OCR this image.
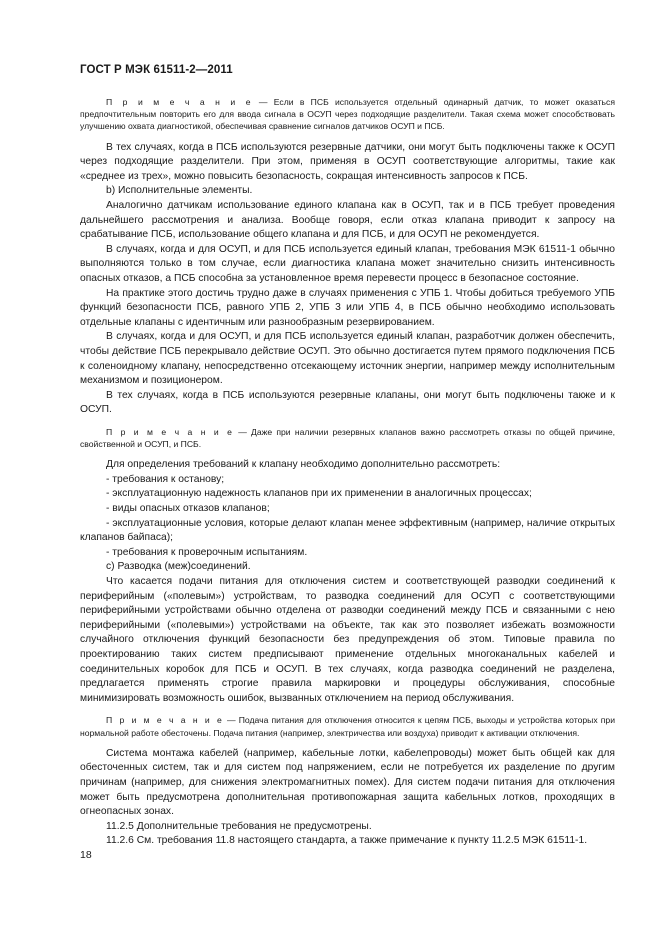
ГОСТ Р МЭК 61511-2—2011

П р и м е ч а н и е — Если в ПСБ используется отдельный одинарный датчик, то может оказаться предпочтительным повторить его для ввода сигнала в ОСУП через подходящие разделители. Такая схема может способствовать улучшению охвата диагностикой, обеспечивая сравнение сигналов датчиков ОСУП и ПСБ.

В тех случаях, когда в ПСБ используются резервные датчики, они могут быть подключены также к ОСУП через подходящие разделители. При этом, применяя в ОСУП соответствующие алгоритмы, такие как «среднее из трех», можно повысить безопасность, сокращая интенсивность запросов к ПСБ.

b) Исполнительные элементы.

Аналогично датчикам использование единого клапана как в ОСУП, так и в ПСБ требует проведения дальнейшего рассмотрения и анализа. Вообще говоря, если отказ клапана приводит к запросу на срабатывание ПСБ, использование общего клапана и для ПСБ, и для ОСУП не рекомендуется.

В случаях, когда и для ОСУП, и для ПСБ используется единый клапан, требования МЭК 61511-1 обычно выполняются только в том случае, если диагностика клапана может значительно снизить интенсивность опасных отказов, а ПСБ способна за установленное время перевести процесс в безопасное состояние.

На практике этого достичь трудно даже в случаях применения с УПБ 1. Чтобы добиться требуемого УПБ функций безопасности ПСБ, равного УПБ 2, УПБ 3 или УПБ 4, в ПСБ обычно необходимо использовать отдельные клапаны с идентичным или разнообразным резервированием.

В случаях, когда и для ОСУП, и для ПСБ используется единый клапан, разработчик должен обеспечить, чтобы действие ПСБ перекрывало действие ОСУП. Это обычно достигается путем прямого подключения ПСБ к соленоидному клапану, непосредственно отсекающему источник энергии, например между исполнительным механизмом и позиционером.

В тех случаях, когда в ПСБ используются резервные клапаны, они могут быть подключены также и к ОСУП.

П р и м е ч а н и е — Даже при наличии резервных клапанов важно рассмотреть отказы по общей причине, свойственной и ОСУП, и ПСБ.

Для определения требований к клапану необходимо дополнительно рассмотреть:

- требования к останову;

- эксплуатационную надежность клапанов при их применении в аналогичных процессах;

- виды опасных отказов клапанов;

- эксплуатационные условия, которые делают клапан менее эффективным (например, наличие открытых клапанов байпаса);

- требования к проверочным испытаниям.

c) Разводка (меж)соединений.

Что касается подачи питания для отключения систем и соответствующей разводки соединений к периферийным («полевым») устройствам, то разводка соединений для ОСУП с соответствующими периферийными устройствами обычно отделена от разводки соединений между ПСБ и связанными с нею периферийными («полевыми») устройствами на объекте, так как это позволяет избежать возможности случайного отключения функций безопасности без предупреждения об этом. Типовые правила по проектированию таких систем предписывают применение отдельных многоканальных кабелей и соединительных коробок для ПСБ и ОСУП. В тех случаях, когда разводка соединений не разделена, предлагается применять строгие правила маркировки и процедуры обслуживания, способные минимизировать возможность ошибок, вызванных отключением на период обслуживания.

П р и м е ч а н и е — Подача питания для отключения относится к цепям ПСБ, выходы и устройства которых при нормальной работе обесточены. Подача питания (например, электричества или воздуха) приводит к активации отключения.

Система монтажа кабелей (например, кабельные лотки, кабелепроводы) может быть общей как для обесточенных систем, так и для систем под напряжением, если не потребуется их разделение по другим причинам (например, для снижения электромагнитных помех). Для систем подачи питания для отключения может быть предусмотрена дополнительная противопожарная защита кабельных лотков, проходящих в огнеопасных зонах.

11.2.5 Дополнительные требования не предусмотрены.

11.2.6 См. требования 11.8 настоящего стандарта, а также примечание к пункту 11.2.5 МЭК 61511-1.

18
